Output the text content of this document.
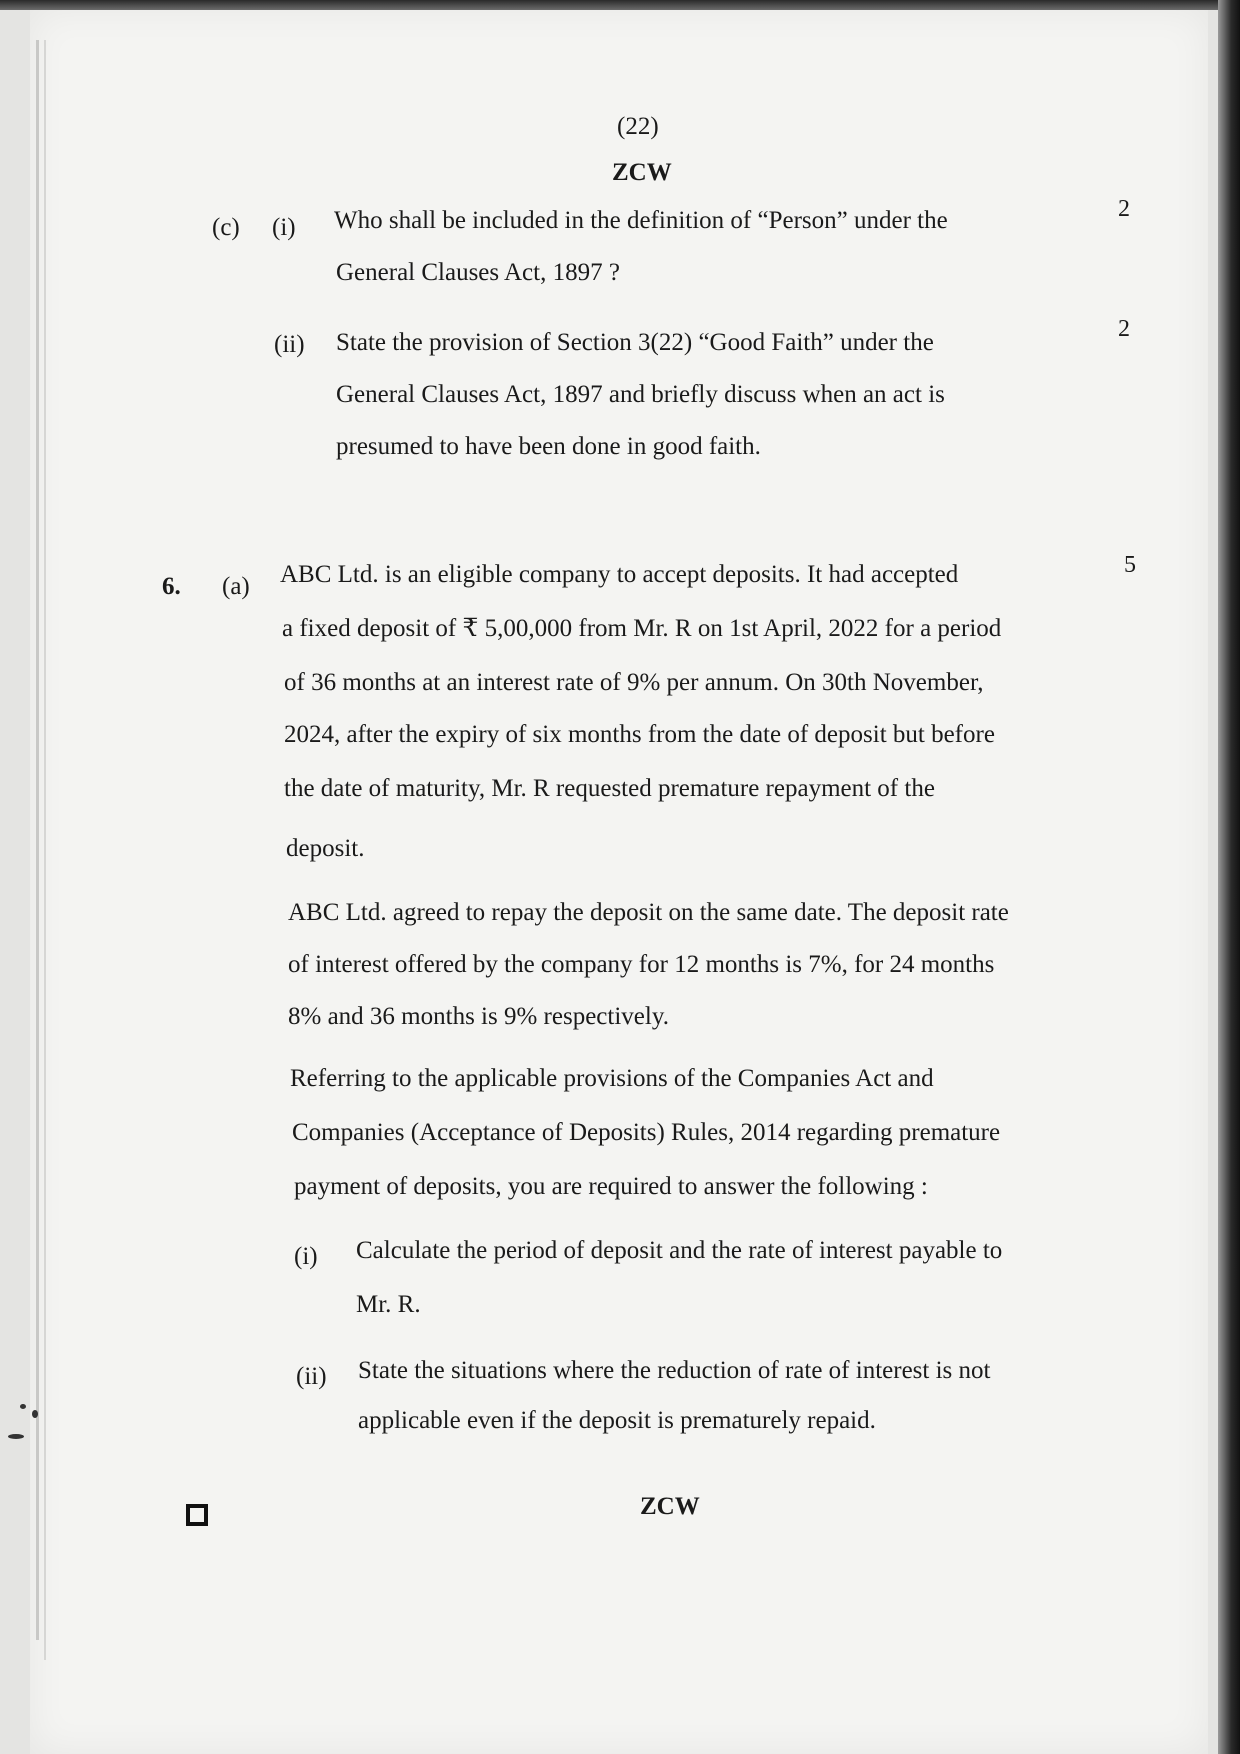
(22)
ZCW
(c) (i) Who shall be included in the definition of “Person” under the	2
General Clauses Act, 1897 ?
(ii) State the provision of Section 3(22) “Good Faith” under the	2
General Clauses Act, 1897 and briefly discuss when an act is
presumed to have been done in good faith.
6. (a)
5
ABC Ltd. is an eligible company to accept deposits. It had accepted
a fixed deposit of ₹ 5,00,000 from Mr. R on 1st April, 2022 for a period
of 36 months at an interest rate of 9% per annum. On 30th November,
2024, after the expiry of six months from the date of deposit but before
the date of maturity, Mr. R requested premature repayment of the
deposit.
ABC Ltd. agreed to repay the deposit on the same date. The deposit rate
of interest offered by the company for 12 months is 7%, for 24 months
8% and 36 months is 9% respectively.
Referring to the applicable provisions of the Companies Act and
Companies (Acceptance of Deposits) Rules, 2014 regarding premature
payment of deposits, you are required to answer the following :
(i) Calculate the period of deposit and the rate of interest payable to
Mr. R.
(ii) State the situations where the reduction of rate of interest is not
applicable even if the deposit is prematurely repaid.
ZCW
